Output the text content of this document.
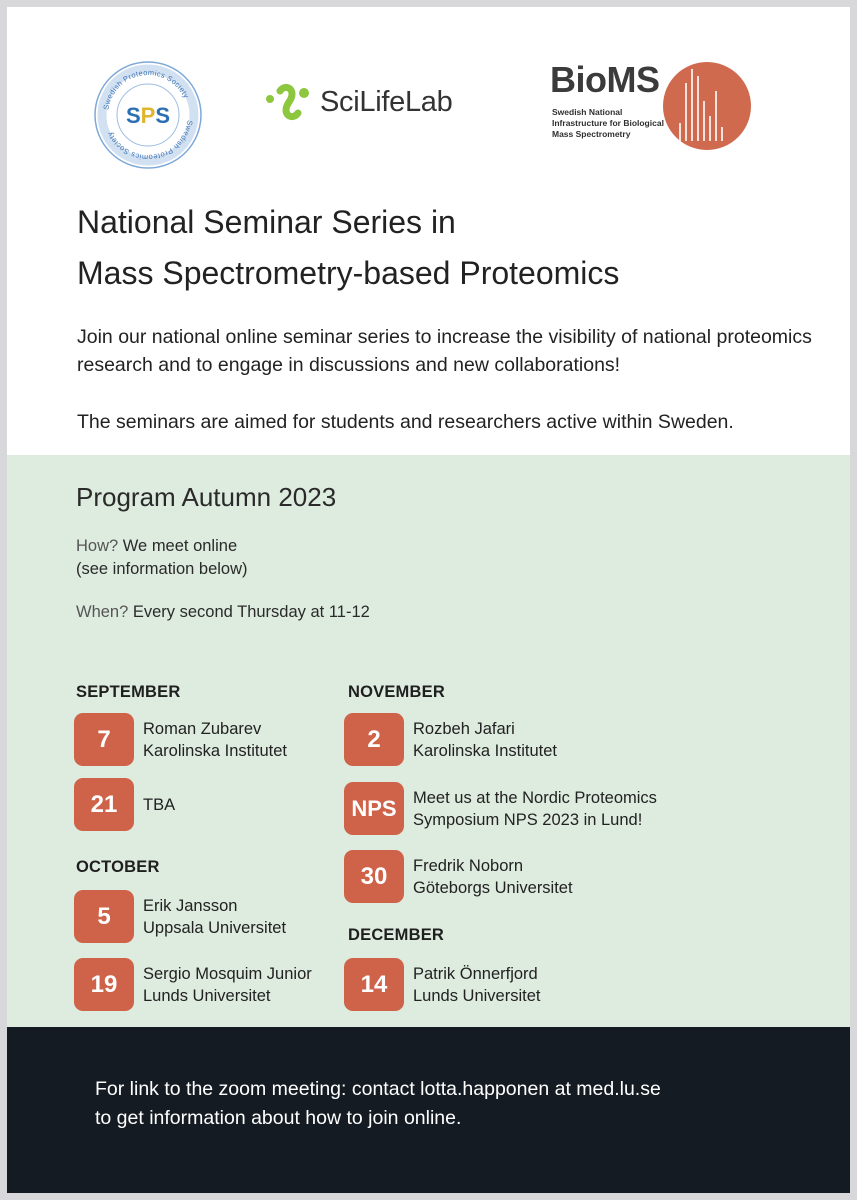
Swedish Proteomics Society
Swedish Proteomics Society
SPS	SciLifeLab
BioMS
Swedish National
Infrastructure for Biological
Mass Spectrometry
National Seminar Series in
Mass Spectrometry-based Proteomics

Join our national online seminar series to increase the visibility of national proteomics research and to engage in discussions and new collaborations!

The seminars are aimed for students and researchers active within Sweden.

Program Autumn 2023
How? We meet online
(see information below)
When? Every second Thursday at 11-12
SEPTEMBER
7	Roman Zubarev
Karolinska Institutet
21	TBA
OCTOBER
5	Erik Jansson
Uppsala Universitet
19	Sergio Mosquim Junior
Lunds Universitet
NOVEMBER
2	Rozbeh Jafari
Karolinska Institutet
NPS Meet us at the Nordic Proteomics
Symposium NPS 2023 in Lund!
30	Fredrik Noborn
Göteborgs Universitet
DECEMBER
14	Patrik Önnerfjord
Lunds Universitet
For link to the zoom meeting: contact lotta.happonen at med.lu.se
to get information about how to join online.
